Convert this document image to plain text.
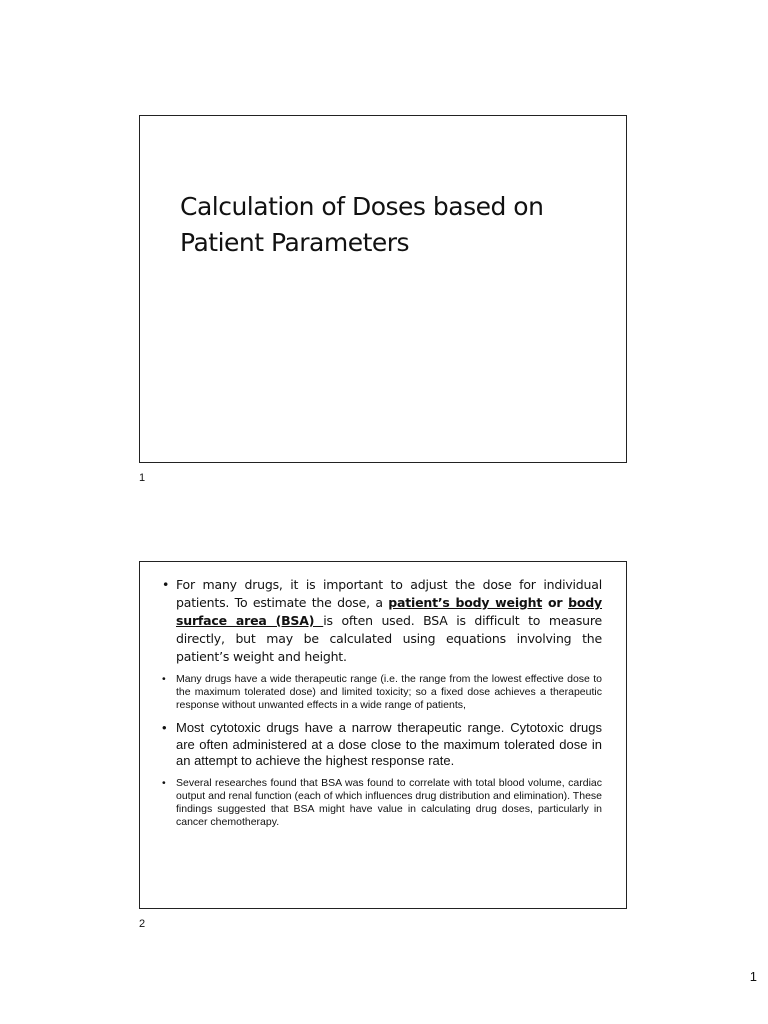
Calculation of Doses based on
Patient Parameters
1
• For many drugs, it is important to adjust the dose for individual patients. To estimate the dose, a patient’s body weight or body surface area (BSA) is often used. BSA is difficult to measure directly, but may be calculated using equations involving the patient’s weight and height.
• Many drugs have a wide therapeutic range (i.e. the range from the lowest effective dose to the maximum tolerated dose) and limited toxicity; so a fixed dose achieves a therapeutic response without unwanted effects in a wide range of patients,
• Most cytotoxic drugs have a narrow therapeutic range. Cytotoxic drugs are often administered at a dose close to the maximum tolerated dose in an attempt to achieve the highest response rate.
• Several researches found that BSA was found to correlate with total blood volume, cardiac output and renal function (each of which influences drug distribution and elimination). These findings suggested that BSA might have value in calculating drug doses, particularly in cancer chemotherapy.
2
1
